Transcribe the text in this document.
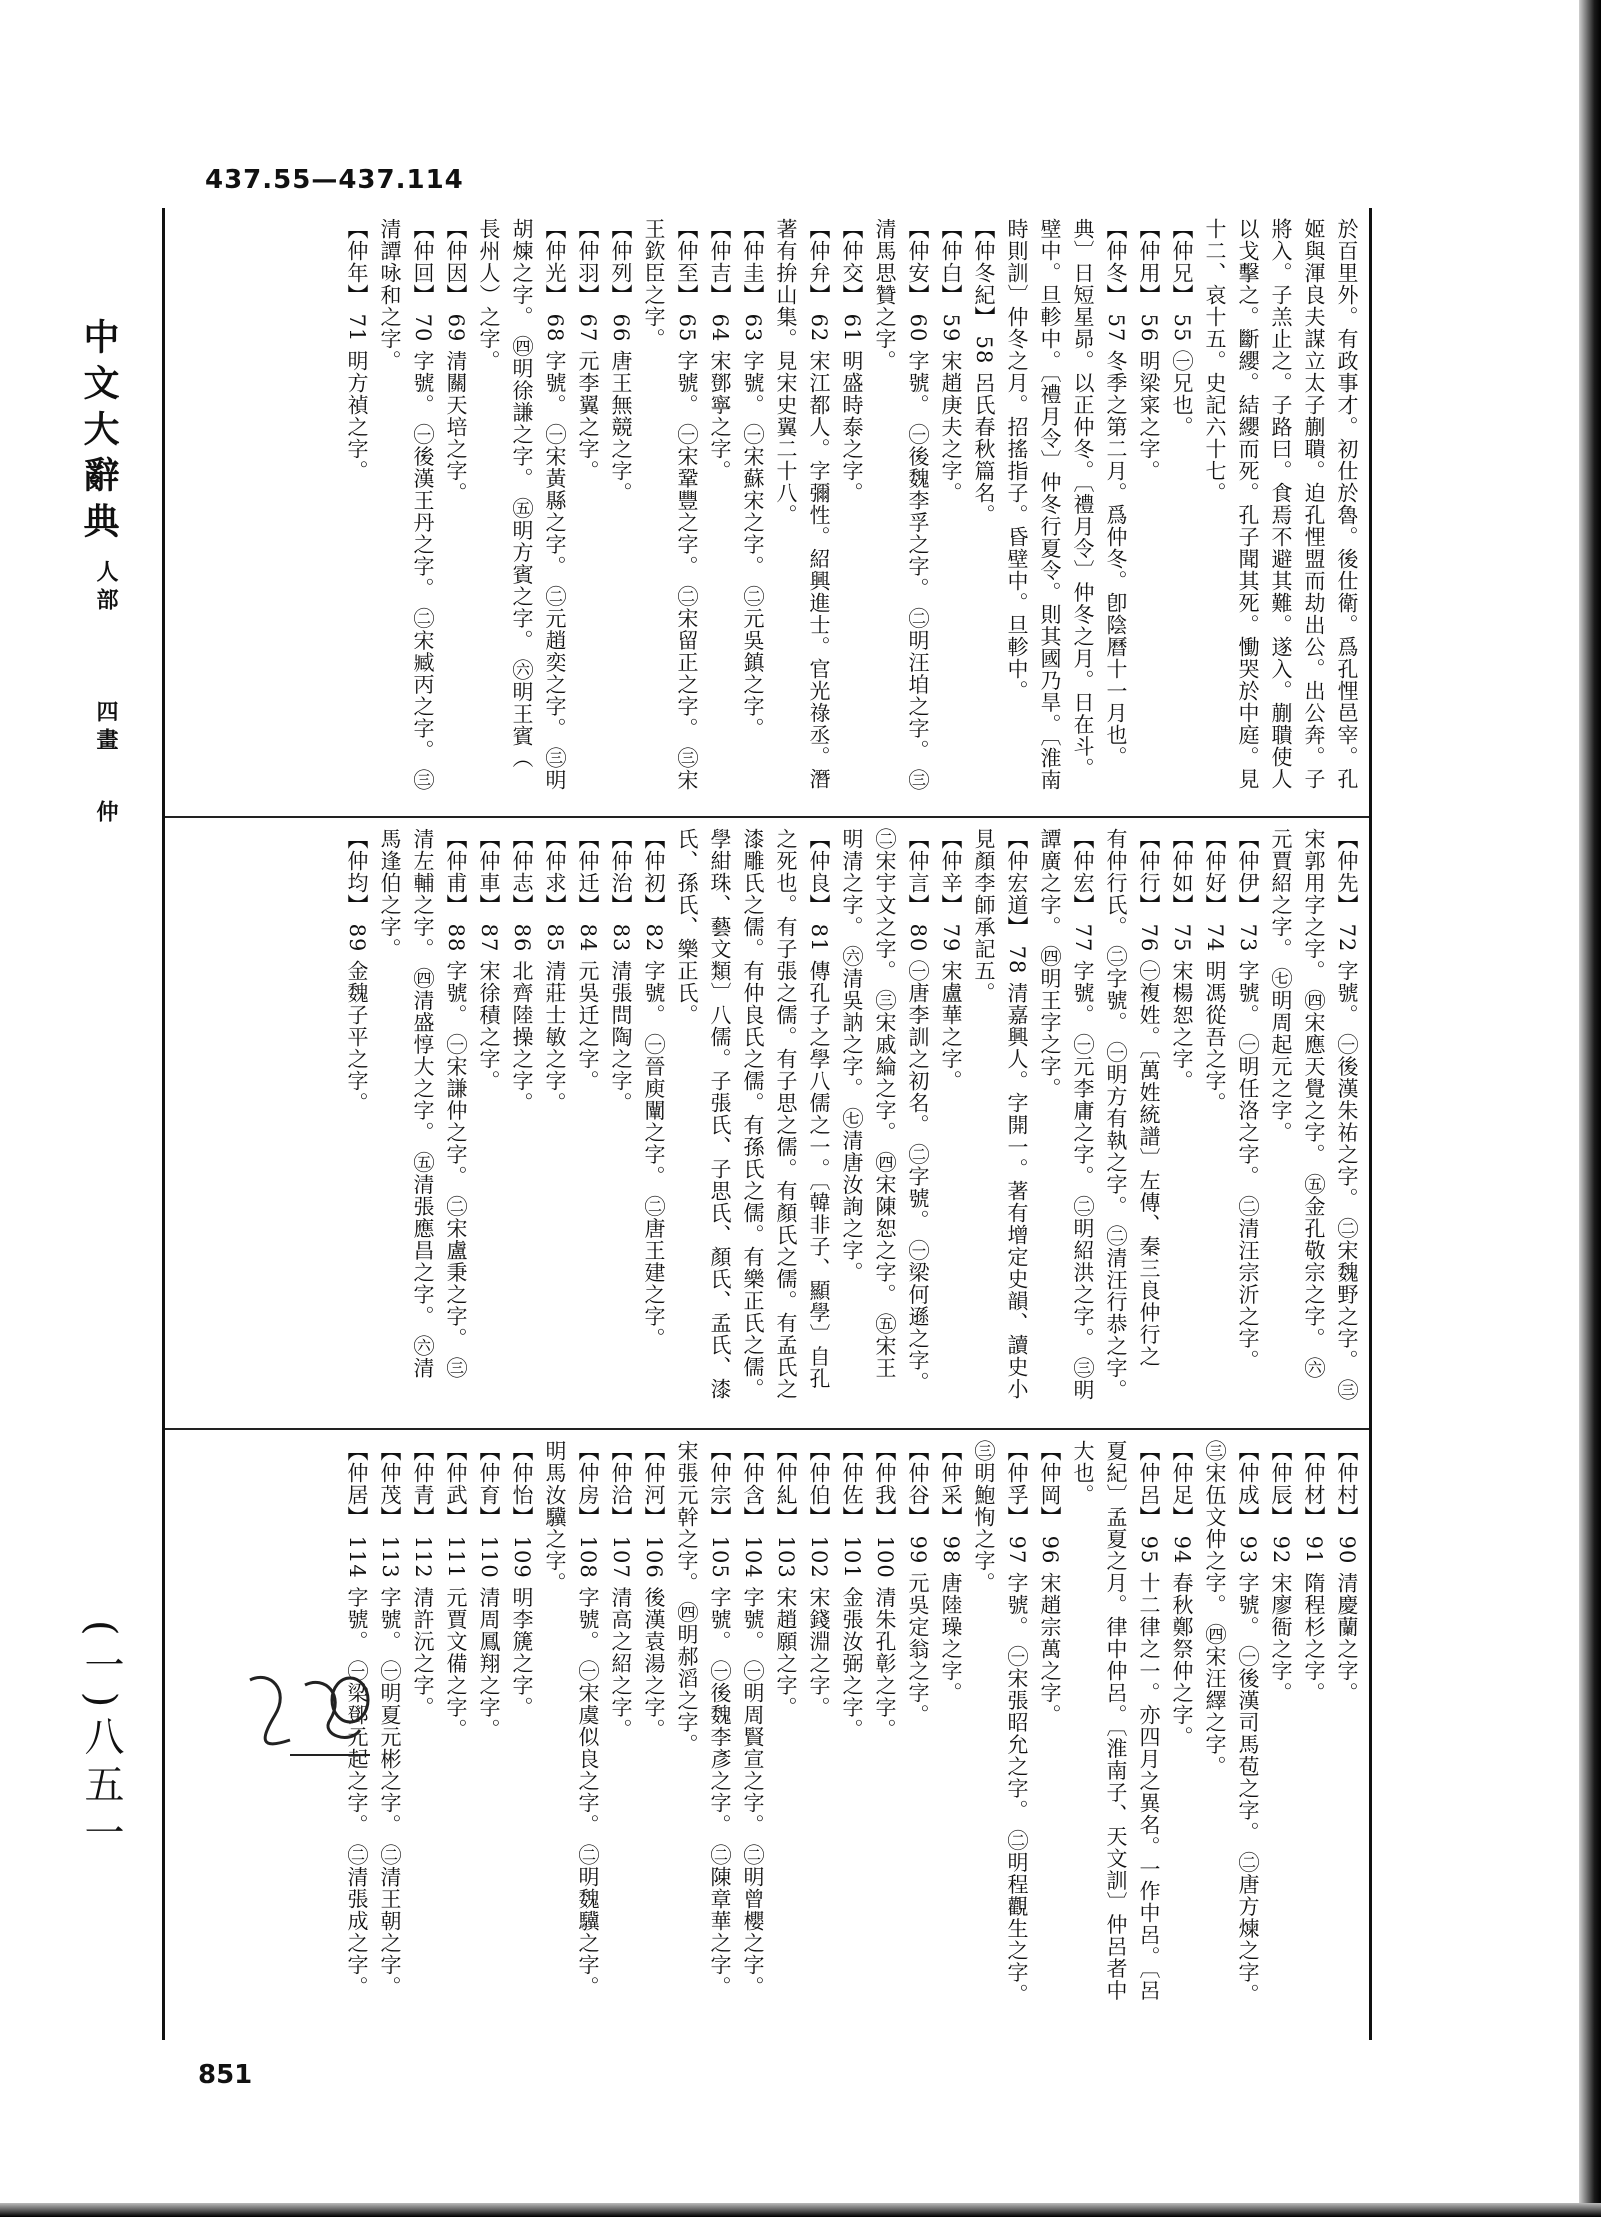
437.55—437.114
中文大辭典
人部
四畫
仲
(一)八五一
於百里外。有政事才。初仕於魯。後仕衛。爲孔悝邑宰。孔
姬與渾良夫謀立太子蒯聵。迫孔悝盟而劫出公。出公奔。子
將入。子羔止之。子路曰。食焉不避其難。遂入。蒯聵使人
以戈擊之。斷纓。結纓而死。孔子聞其死。慟哭於中庭。見
十二、哀十五。史記六十七。
【仲兄】 55 ㊀兄也。
【仲用】 56 明梁寀之字。
【仲冬】 57 冬季之第二月。爲仲冬。卽陰曆十一月也。
典〕日短星昴。以正仲冬。〔禮月令〕仲冬之月。日在斗。
壁中。旦軫中。〔禮月令〕仲冬行夏令。則其國乃旱。〔淮南
時則訓〕仲冬之月。招搖指子。昏壁中。旦軫中。
【仲冬紀】 58 呂氏春秋篇名。
【仲白】 59 宋趙庚夫之字。
【仲安】 60 字號。 ㊀後魏李孚之字。 ㊁明汪垍之字。 ㊂
清馬思贊之字。
【仲交】 61 明盛時泰之字。
【仲弁】 62 宋江都人。字彌性。紹興進士。官光祿丞。潛
著有拚山集。見宋史翼二十八。
【仲圭】 63 字號。 ㊀宋蘇宋之字。 ㊁元吳鎮之字。
【仲吉】 64 宋鄧寧之字。
【仲至】 65 字號。 ㊀宋鞏豐之字。 ㊁宋留正之字。 ㊂宋
王欽臣之字。
【仲列】 66 唐王無競之字。
【仲羽】 67 元李翼之字。
【仲光】 68 字號。 ㊀宋黃縣之字。 ㊁元趙奕之字。 ㊂明
胡煉之字。 ㊃明徐謙之字。 ㊄明方賓之字。 ㊅明王賓（
長州人）之字。
【仲因】 69 清關天培之字。
【仲回】 70 字號。 ㊀後漢王丹之字。 ㊁宋臧丙之字。 ㊂
清譚咏和之字。
【仲年】 71 明方禎之字。
【仲先】 72 字號。 ㊀後漢朱祐之字。 ㊁宋魏野之字。 ㊂
宋郭用字之字。 ㊃宋應天覺之字。 ㊄金孔敬宗之字。 ㊅
元賈紹之字。 ㊆明周起元之字。
【仲伊】 73 字號。 ㊀明任洛之字。 ㊁清汪宗沂之字。
【仲好】 74 明馮從吾之字。
【仲如】 75 宋楊恕之字。
【仲行】 76 ㊀複姓。〔萬姓統譜〕左傳、秦三良仲行之
有仲行氏。 ㊁字號。 ㊀明方有執之字。 ㊁清汪行恭之字。
【仲宏】 77 字號。 ㊀元李庸之字。 ㊁明紹洪之字。 ㊂明
譚廣之字。 ㊃明王字之字。
【仲宏道】 78 清嘉興人。字開一。著有增定史韻、讀史小
見顏李師承記五。
【仲辛】 79 宋盧華之字。
【仲言】 80 ㊀唐李訓之初名。 ㊁字號。 ㊀梁何遜之字。
㊁宋宇文之字。 ㊂宋戚綸之字。 ㊃宋陳恕之字。 ㊄宋王
明清之字。 ㊅清吳訥之字。 ㊆清唐汝詢之字。
【仲良】 81 傳孔子之學八儒之一。〔韓非子、顯學〕自孔
之死也。有子張之儒。有子思之儒。有顏氏之儒。有孟氏之
漆雕氏之儒。有仲良氏之儒。有孫氏之儒。有樂正氏之儒。
學紺珠、藝文類〕八儒。子張氏、子思氏、顏氏、孟氏、漆
氏、孫氏、樂正氏。
【仲初】 82 字號。 ㊀晉庾闡之字。 ㊁唐王建之字。
【仲治】 83 清張問陶之字。
【仲迁】 84 元吳迁之字。
【仲求】 85 清莊士敏之字。
【仲志】 86 北齊陸操之字。
【仲車】 87 宋徐積之字。
【仲甫】 88 字號。 ㊀宋謙仲之字。 ㊁宋盧秉之字。 ㊂
清左輔之字。 ㊃清盛惇大之字。 ㊄清張應昌之字。 ㊅清
馬逢伯之字。
【仲均】 89 金魏子平之字。
【仲村】 90 清慶蘭之字。
【仲材】 91 隋程杉之字。
【仲辰】 92 宋廖衙之字。
【仲成】 93 字號。 ㊀後漢司馬苞之字。 ㊁唐方煉之字。
㊂宋伍文仲之字。 ㊃宋汪繹之字。
【仲足】 94 春秋鄭祭仲之字。
【仲呂】 95 十二律之一。亦四月之異名。一作中呂。〔呂
夏紀〕孟夏之月。律中仲呂。〔淮南子、天文訓〕仲呂者中
大也。
【仲岡】 96 宋趙宗萬之字。
【仲孚】 97 字號。 ㊀宋張昭允之字。 ㊁明程觀生之字。
㊂明鮑恂之字。
【仲采】 98 唐陸璪之字。
【仲谷】 99 元吳定翁之字。
【仲我】 100 清朱孔彰之字。
【仲佐】 101 金張汝弼之字。
【仲伯】 102 宋錢淵之字。
【仲糺】 103 宋趙願之字。
【仲含】 104 字號。 ㊀明周賢宣之字。 ㊁明曾櫻之字。
【仲宗】 105 字號。 ㊀後魏李彥之字。 ㊁陳章華之字。
宋張元幹之字。 ㊃明郝滔之字。
【仲河】 106 後漢袁湯之字。
【仲洽】 107 清高之紹之字。
【仲房】 108 字號。 ㊀宋虞似良之字。 ㊁明魏驥之字。
明馬汝驥之字。
【仲怡】 109 明李篪之字。
【仲育】 110 清周鳳翔之字。
【仲武】 111 元賈文備之字。
【仲青】 112 清許沅之字。
【仲茂】 113 字號。 ㊀明夏元彬之字。 ㊁清王朝之字。
【仲居】 114 字號。 ㊀梁鄧元起之字。 ㊁清張成之字。
851
